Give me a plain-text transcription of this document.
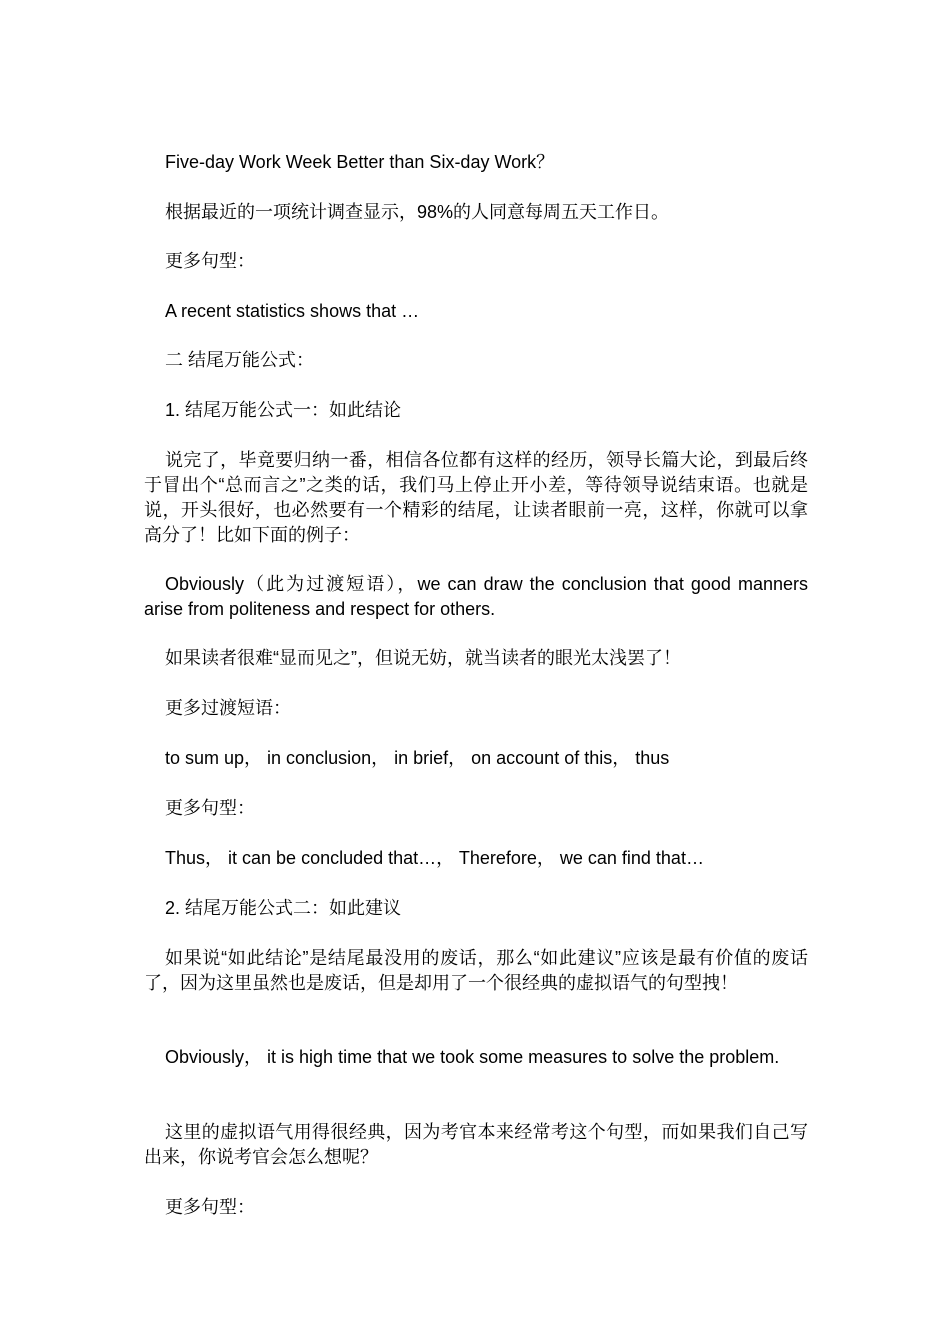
Five-day Work Week Better than Six-day Work？

根据最近的一项统计调查显示，98%的人同意每周五天工作日。

更多句型：

A recent statistics shows that …

二 结尾万能公式：

1. 结尾万能公式一：如此结论

说完了，毕竟要归纳一番，相信各位都有这样的经历，领导长篇大论，到最后终于冒出个“总而言之”之类的话，我们马上停止开小差，等待领导说结束语。也就是说，开头很好，也必然要有一个精彩的结尾，让读者眼前一亮，这样，你就可以拿高分了！比如下面的例子：

Obviously（此为过渡短语），we can draw the conclusion that good manners arise from politeness and respect for others.

如果读者很难“显而见之”，但说无妨，就当读者的眼光太浅罢了！

更多过渡短语：

to sum up， in conclusion， in brief， on account of this， thus

更多句型：

Thus， it can be concluded that…， Therefore， we can find that…

2. 结尾万能公式二：如此建议

如果说“如此结论”是结尾最没用的废话，那么“如此建议”应该是最有价值的废话了，因为这里虽然也是废话，但是却用了一个很经典的虚拟语气的句型拽！

Obviously， it is high time that we took some measures to solve the problem.

这里的虚拟语气用得很经典，因为考官本来经常考这个句型，而如果我们自己写出来，你说考官会怎么想呢？

更多句型：
